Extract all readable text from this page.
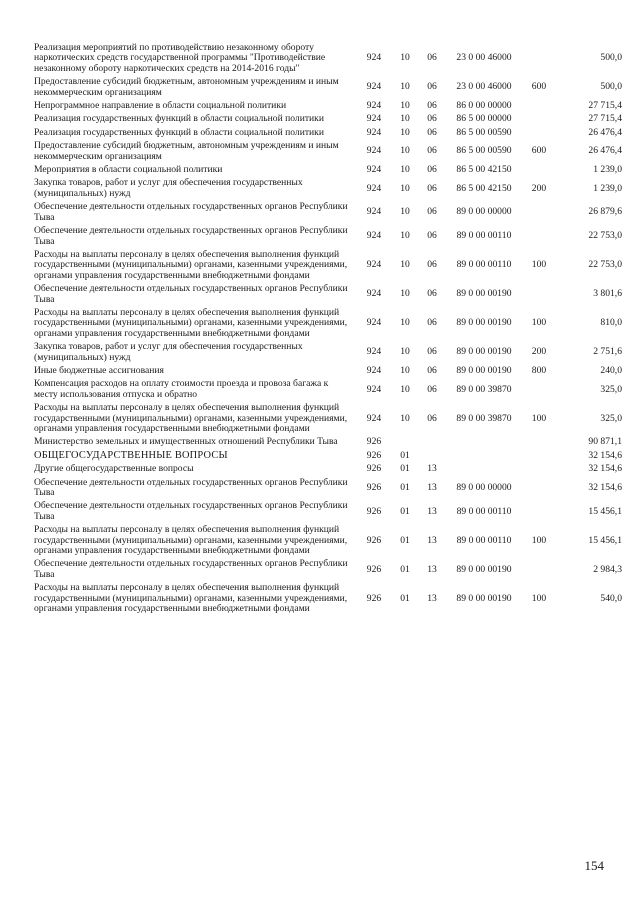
Реализация мероприятий по противодействию незаконному обороту наркотических средств государственной программы "Противодействие незаконному обороту наркотических средств на 2014-2016 годы"	924	10	06	23 0 00 46000		500,0
Предоставление субсидий бюджетным, автономным учреждениям и иным некоммерческим организациям	924	10	06	23 0 00 46000	600	500,0
Непрограммное направление в области социальной политики	924	10	06	86 0 00 00000		27 715,4
Реализация государственных функций в области социальной политики	924	10	06	86 5 00 00000		27 715,4
Реализация государственных функций в области социальной политики	924	10	06	86 5 00 00590		26 476,4
Предоставление субсидий бюджетным, автономным учреждениям и иным некоммерческим организациям	924	10	06	86 5 00 00590	600	26 476,4
Мероприятия в области социальной политики	924	10	06	86 5 00 42150		1 239,0
Закупка товаров, работ и услуг для обеспечения государственных (муниципальных) нужд	924	10	06	86 5 00 42150	200	1 239,0
Обеспечение деятельности отдельных государственных органов Республики Тыва	924	10	06	89 0 00 00000		26 879,6
Обеспечение деятельности отдельных государственных органов Республики Тыва	924	10	06	89 0 00 00110		22 753,0
Расходы на выплаты персоналу в целях обеспечения выполнения функций государственными (муниципальными) органами, казенными учреждениями, органами управления государственными внебюджетными фондами	924	10	06	89 0 00 00110	100	22 753,0
Обеспечение деятельности отдельных государственных органов Республики Тыва	924	10	06	89 0 00 00190		3 801,6
Расходы на выплаты персоналу в целях обеспечения выполнения функций государственными (муниципальными) органами, казенными учреждениями, органами управления государственными внебюджетными фондами	924	10	06	89 0 00 00190	100	810,0
Закупка товаров, работ и услуг для обеспечения государственных (муниципальных) нужд	924	10	06	89 0 00 00190	200	2 751,6
Иные бюджетные ассигнования	924	10	06	89 0 00 00190	800	240,0
Компенсация расходов на оплату стоимости проезда и провоза багажа к месту использования отпуска и обратно	924	10	06	89 0 00 39870		325,0
Расходы на выплаты персоналу в целях обеспечения выполнения функций государственными (муниципальными) органами, казенными учреждениями, органами управления государственными внебюджетными фондами	924	10	06	89 0 00 39870	100	325,0
Министерство земельных и имущественных отношений Республики Тыва	926					90 871,1
ОБЩЕГОСУДАРСТВЕННЫЕ ВОПРОСЫ	926	01				32 154,6
Другие общегосударственные вопросы	926	01	13			32 154,6
Обеспечение деятельности отдельных государственных органов Республики Тыва	926	01	13	89 0 00 00000		32 154,6
Обеспечение деятельности отдельных государственных органов Республики Тыва	926	01	13	89 0 00 00110		15 456,1
Расходы на выплаты персоналу в целях обеспечения выполнения функций государственными (муниципальными) органами, казенными учреждениями, органами управления государственными внебюджетными фондами	926	01	13	89 0 00 00110	100	15 456,1
Обеспечение деятельности отдельных государственных органов Республики Тыва	926	01	13	89 0 00 00190		2 984,3
Расходы на выплаты персоналу в целях обеспечения выполнения функций государственными (муниципальными) органами, казенными учреждениями, органами управления государственными внебюджетными фондами	926	01	13	89 0 00 00190	100	540,0
154
